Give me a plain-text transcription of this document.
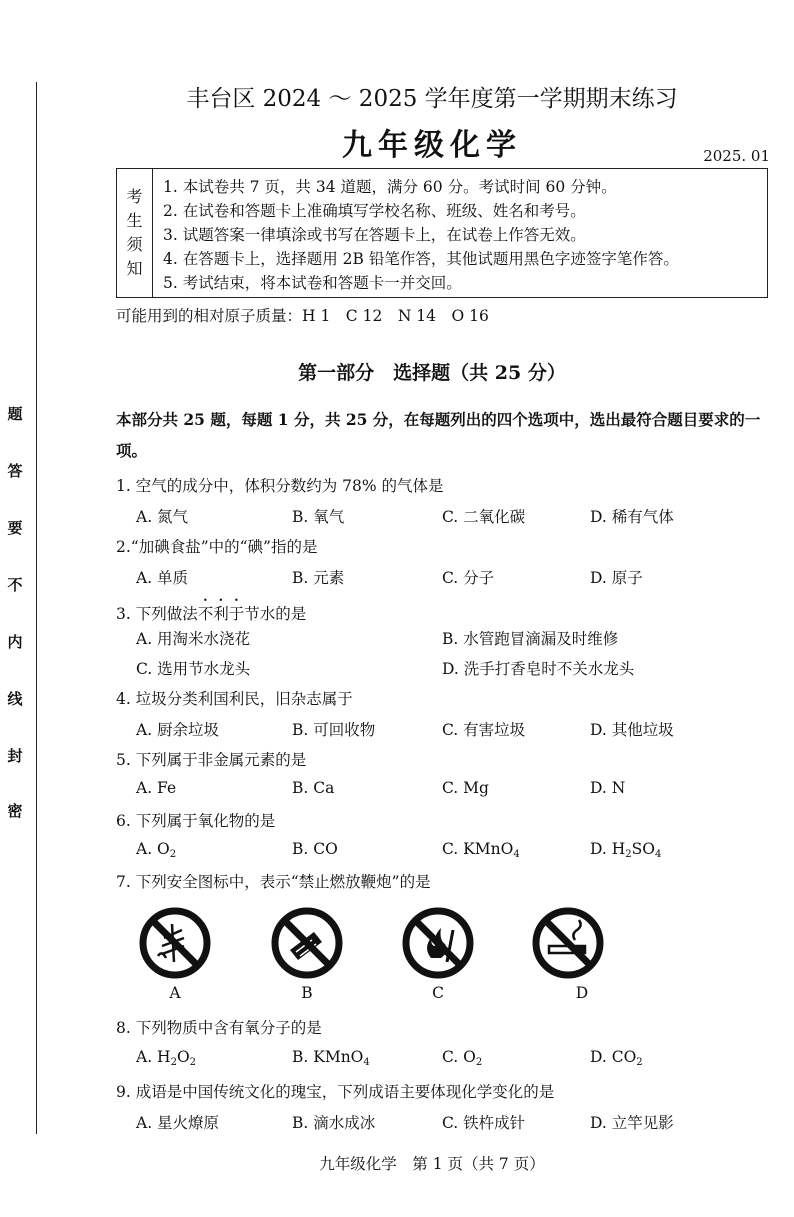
密
封
线
内
不
要
答
题
丰台区 2024 ～ 2025 学年度第一学期期末练习
九年级化学	2025. 01
考
生
须
知
1. 本试卷共 7 页，共 34 道题，满分 60 分。考试时间 60 分钟。
2. 在试卷和答题卡上准确填写学校名称、班级、姓名和考号。
3. 试题答案一律填涂或书写在答题卡上，在试卷上作答无效。
4. 在答题卡上，选择题用 2B 铅笔作答，其他试题用黑色字迹签字笔作答。
5. 考试结束，将本试卷和答题卡一并交回。
可能用到的相对原子质量：H 1　C 12　N 14　O 16
第一部分　选择题（共 25 分）
本部分共 25 题，每题 1 分，共 25 分，在每题列出的四个选项中，选出最符合题目要求的一项。
1. 空气的成分中，体积分数约为 78% 的气体是
A. 氮气	B. 氧气	C. 二氧化碳	D. 稀有气体
2.“加碘食盐”中的“碘”指的是
A. 单质	B. 元素	C. 分子	D. 原子
3. 下列做法不利于节水的是
A. 用淘米水浇花	B. 水管跑冒滴漏及时维修
C. 选用节水龙头	D. 洗手打香皂时不关水龙头
4. 垃圾分类利国利民，旧杂志属于
A. 厨余垃圾	B. 可回收物	C. 有害垃圾	D. 其他垃圾
5. 下列属于非金属元素的是
A. Fe	B. Ca	C. Mg	D. N
6. 下列属于氧化物的是
A. $O_2$	B. CO	C. KMnO$_4$	D. $H_2SO_4$
7. 下列安全图标中，表示“禁止燃放鞭炮”的是
A	B	C	D
8. 下列物质中含有氧分子的是
A. $H_2O_2$	B. KMnO$_4$	C. $O_2$	D. $CO_2$
9. 成语是中国传统文化的瑰宝，下列成语主要体现化学变化的是
A. 星火燎原	B. 滴水成冰	C. 铁杵成针	D. 立竿见影
九年级化学　第 1 页（共 7 页）
